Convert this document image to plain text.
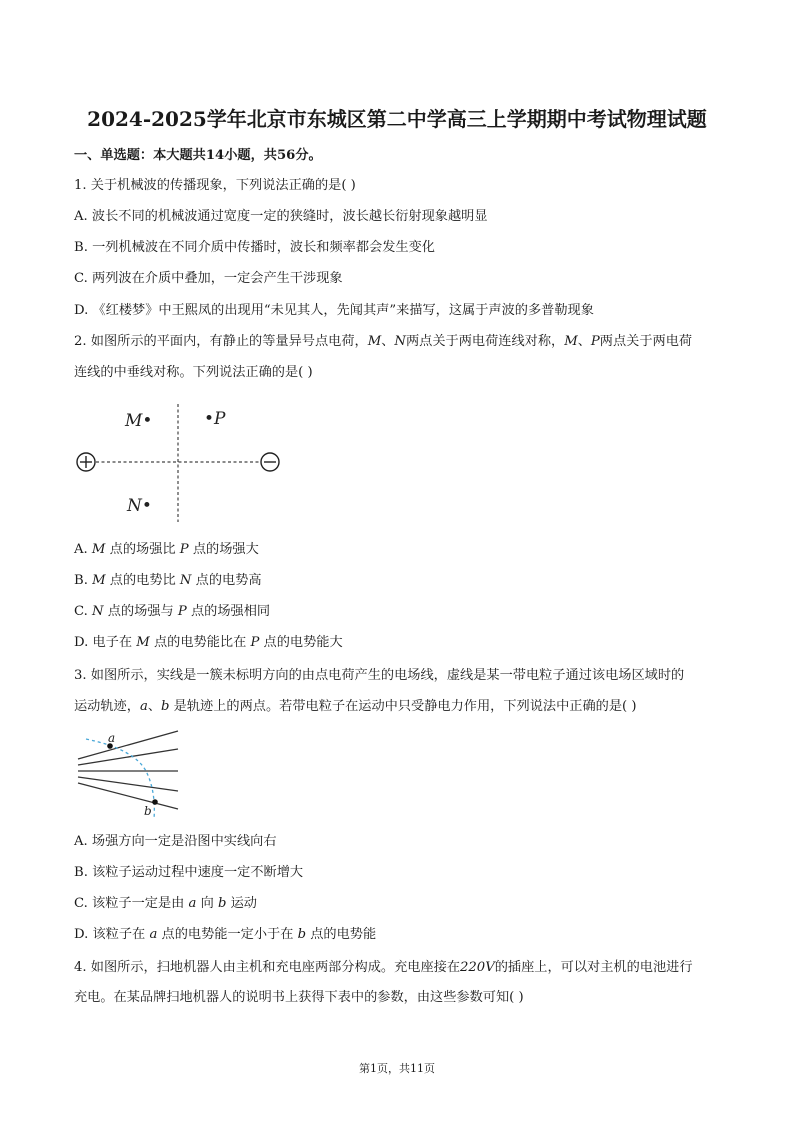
2024-2025学年北京市东城区第二中学高三上学期期中考试物理试题
一、单选题：本大题共14小题，共56分。
1. 关于机械波的传播现象，下列说法正确的是( )
A. 波长不同的机械波通过宽度一定的狭缝时，波长越长衍射现象越明显
B. 一列机械波在不同介质中传播时，波长和频率都会发生变化
C. 两列波在介质中叠加，一定会产生干涉现象
D. 《红楼梦》中王熙凤的出现用“未见其人，先闻其声”来描写，这属于声波的多普勒现象
2. 如图所示的平面内，有静止的等量异号点电荷，M、N两点关于两电荷连线对称，M、P两点关于两电荷
连线的中垂线对称。下列说法正确的是( )
M•	•P
N•
A. M 点的场强比 P 点的场强大
B. M 点的电势比 N 点的电势高
C. N 点的场强与 P 点的场强相同
D. 电子在 M 点的电势能比在 P 点的电势能大
3. 如图所示，实线是一簇未标明方向的由点电荷产生的电场线，虚线是某一带电粒子通过该电场区域时的
运动轨迹，a、b 是轨迹上的两点。若带电粒子在运动中只受静电力作用，下列说法中正确的是( )
a
b
A. 场强方向一定是沿图中实线向右
B. 该粒子运动过程中速度一定不断增大
C. 该粒子一定是由 a 向 b 运动
D. 该粒子在 a 点的电势能一定小于在 b 点的电势能
4. 如图所示，扫地机器人由主机和充电座两部分构成。充电座接在220V的插座上，可以对主机的电池进行
充电。在某品牌扫地机器人的说明书上获得下表中的参数，由这些参数可知( )
第1页，共11页
